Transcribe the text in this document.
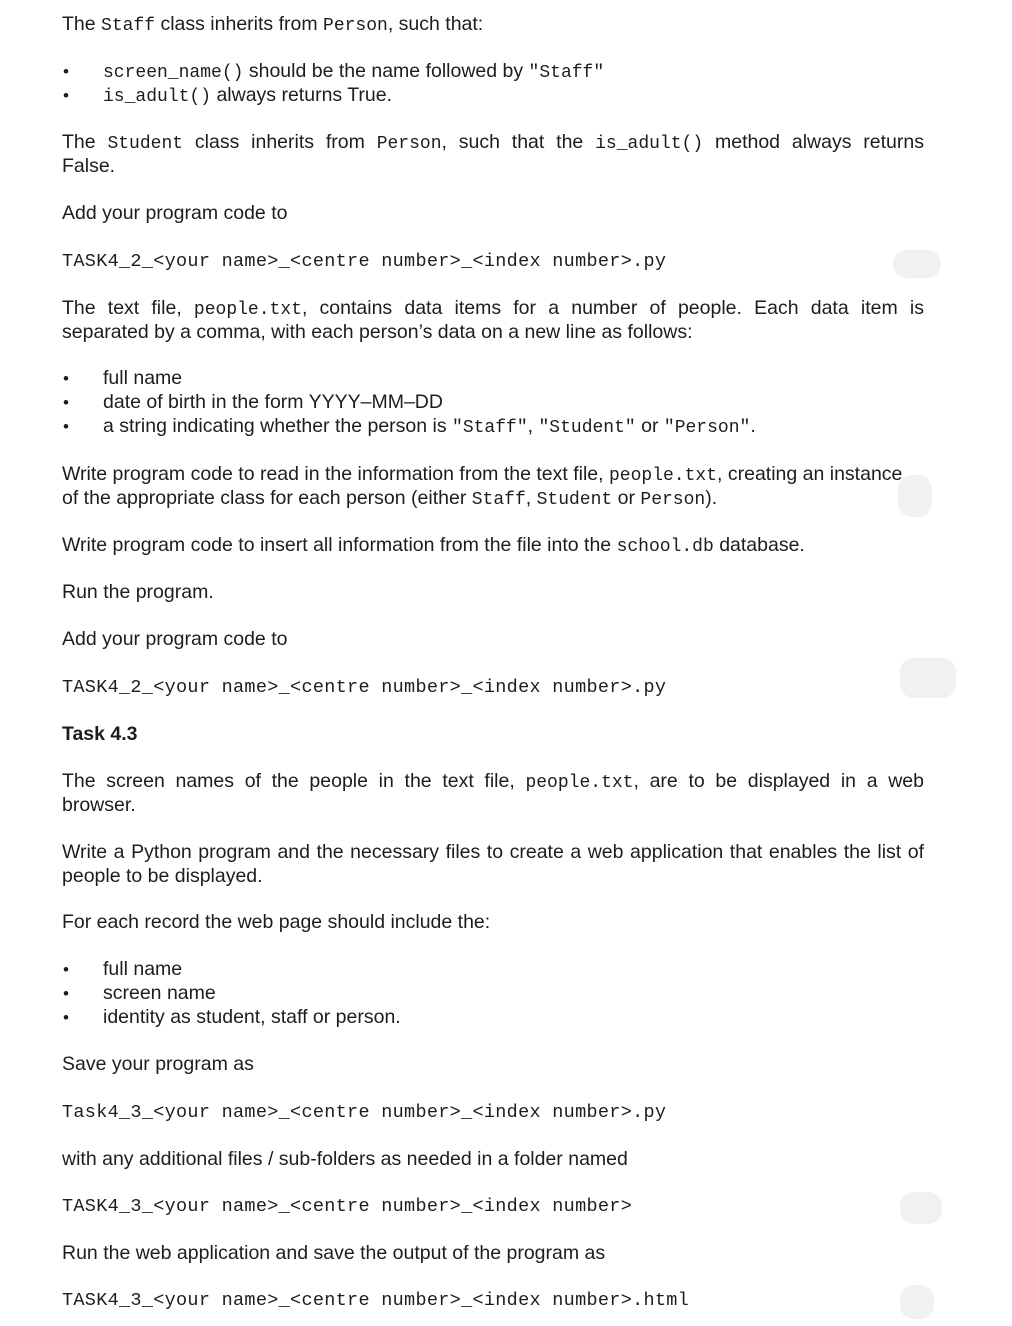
The Staff class inherits from Person, such that:
• screen_name() should be the name followed by "Staff"
• is_adult() always returns True.
The Student class inherits from Person, such that the is_adult() method always returns
False.
Add your program code to
TASK4_2_<your name>_<centre number>_<index number>.py
The text file, people.txt, contains data items for a number of people. Each data item is
separated by a comma, with each person’s data on a new line as follows:
• full name
• date of birth in the form YYYY–MM–DD
• a string indicating whether the person is "Staff", "Student" or "Person".
Write program code to read in the information from the text file, people.txt, creating an instance
of the appropriate class for each person (either Staff, Student or Person).
Write program code to insert all information from the file into the school.db database.
Run the program.
Add your program code to
TASK4_2_<your name>_<centre number>_<index number>.py
Task 4.3
The screen names of the people in the text file, people.txt, are to be displayed in a web
browser.
Write a Python program and the necessary files to create a web application that enables the list of
people to be displayed.
For each record the web page should include the:
• full name
• screen name
• identity as student, staff or person.
Save your program as
Task4_3_<your name>_<centre number>_<index number>.py
with any additional files / sub-folders as needed in a folder named
TASK4_3_<your name>_<centre number>_<index number>
Run the web application and save the output of the program as
TASK4_3_<your name>_<centre number>_<index number>.html
